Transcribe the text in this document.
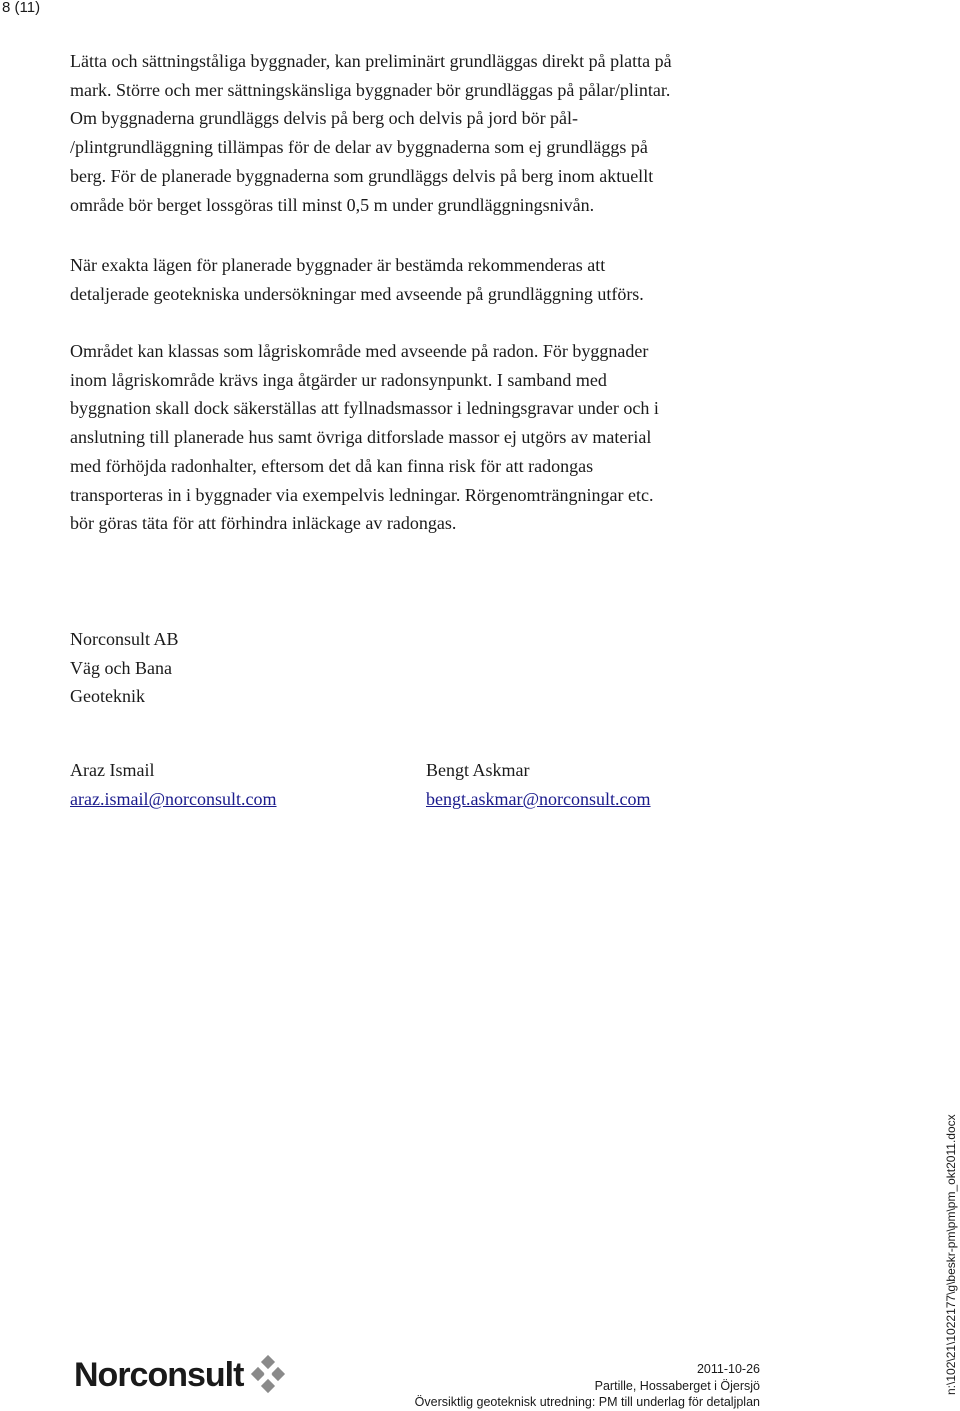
8 (11)

Lätta och sättningståliga byggnader, kan preliminärt grundläggas direkt på platta på

mark. Större och mer sättningskänsliga byggnader bör grundläggas på pålar/plintar.

Om byggnaderna grundläggs delvis på berg och delvis på jord bör pål-

/plintgrundläggning tillämpas för de delar av byggnaderna som ej grundläggs på

berg. För de planerade byggnaderna som grundläggs delvis på berg inom aktuellt

område bör berget lossgöras till minst 0,5 m under grundläggningsnivån.

När exakta lägen för planerade byggnader är bestämda rekommenderas att

detaljerade geotekniska undersökningar med avseende på grundläggning utförs.

Området kan klassas som lågriskområde med avseende på radon. För byggnader

inom lågriskområde krävs inga åtgärder ur radonsynpunkt. I samband med

byggnation skall dock säkerställas att fyllnadsmassor i ledningsgravar under och i

anslutning till planerade hus samt övriga ditforslade massor ej utgörs av material

med förhöjda radonhalter, eftersom det då kan finna risk för att radongas

transporteras in i byggnader via exempelvis ledningar. Rörgenomträngningar etc.

bör göras täta för att förhindra inläckage av radongas.

Norconsult AB

Väg och Bana

Geoteknik

Araz Ismail
araz.ismail@norconsult.com
Bengt Askmar
bengt.askmar@norconsult.com
Norconsult	2011-10-26
Partille, Hossaberget i Öjersjö
Översiktlig geoteknisk utredning: PM till underlag för detaljplan
n:\102\21\1022177\g\beskr-pm\pm\pm_okt2011.docx
